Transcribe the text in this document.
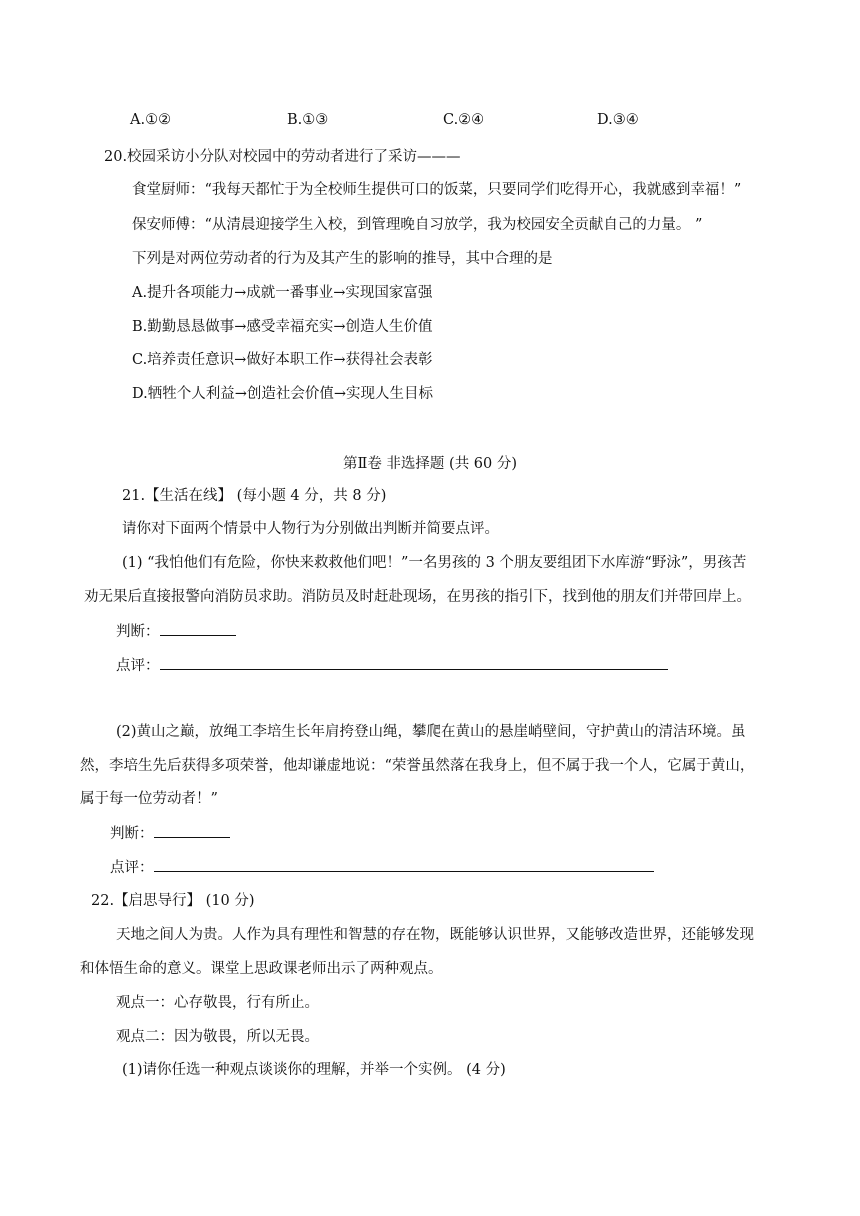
A.①②	B.①③	C.②④	D.③④
20.校园采访小分队对校园中的劳动者进行了采访———
食堂厨师：“我每天都忙于为全校师生提供可口的饭菜，只要同学们吃得开心，我就感到幸福！”
保安师傅：“从清晨迎接学生入校，到管理晚自习放学，我为校园安全贡献自己的力量。 ”
下列是对两位劳动者的行为及其产生的影响的推导，其中合理的是
A.提升各项能力→成就一番事业→实现国家富强
B.勤勤恳恳做事→感受幸福充实→创造人生价值
C.培养责任意识→做好本职工作→获得社会表彰
D.牺牲个人利益→创造社会价值→实现人生目标
第Ⅱ卷 非选择题 (共 60 分)
21.【生活在线】 (每小题 4 分，共 8 分)
请你对下面两个情景中人物行为分别做出判断并简要点评。
(1) “我怕他们有危险，你快来救救他们吧！”一名男孩的 3 个朋友要组团下水库游“野泳”，男孩苦
劝无果后直接报警向消防员求助。消防员及时赶赴现场，在男孩的指引下，找到他的朋友们并带回岸上。
判断：
点评：
(2)黄山之巅，放绳工李培生长年肩挎登山绳，攀爬在黄山的悬崖峭壁间，守护黄山的清洁环境。虽
然，李培生先后获得多项荣誉，他却谦虚地说：“荣誉虽然落在我身上，但不属于我一个人，它属于黄山，
属于每一位劳动者！”
判断：
点评：
22.【启思导行】 (10 分)
天地之间人为贵。人作为具有理性和智慧的存在物，既能够认识世界，又能够改造世界，还能够发现
和体悟生命的意义。课堂上思政课老师出示了两种观点。
观点一：心存敬畏，行有所止。
观点二：因为敬畏，所以无畏。
(1)请你任选一种观点谈谈你的理解，并举一个实例。 (4 分)
